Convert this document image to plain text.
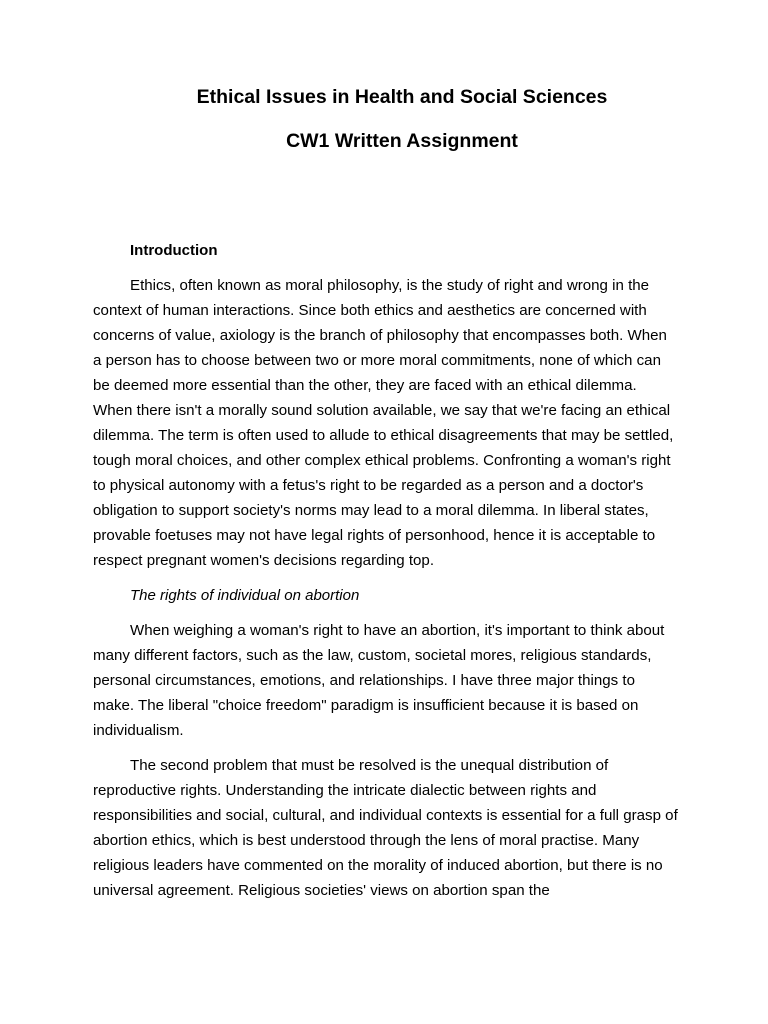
Ethical Issues in Health and Social Sciences
CW1 Written Assignment
Introduction

Ethics, often known as moral philosophy, is the study of right and wrong in the context of human interactions. Since both ethics and aesthetics are concerned with concerns of value, axiology is the branch of philosophy that encompasses both. When a person has to choose between two or more moral commitments, none of which can be deemed more essential than the other, they are faced with an ethical dilemma. When there isn't a morally sound solution available, we say that we're facing an ethical dilemma. The term is often used to allude to ethical disagreements that may be settled, tough moral choices, and other complex ethical problems. Confronting a woman's right to physical autonomy with a fetus's right to be regarded as a person and a doctor's obligation to support society's norms may lead to a moral dilemma. In liberal states, provable foetuses may not have legal rights of personhood, hence it is acceptable to respect pregnant women's decisions regarding top.

The rights of individual on abortion

When weighing a woman's right to have an abortion, it's important to think about many different factors, such as the law, custom, societal mores, religious standards, personal circumstances, emotions, and relationships. I have three major things to make. The liberal "choice freedom" paradigm is insufficient because it is based on individualism.

The second problem that must be resolved is the unequal distribution of reproductive rights. Understanding the intricate dialectic between rights and responsibilities and social, cultural, and individual contexts is essential for a full grasp of abortion ethics, which is best understood through the lens of moral practise. Many religious leaders have commented on the morality of induced abortion, but there is no universal agreement. Religious societies' views on abortion span the
